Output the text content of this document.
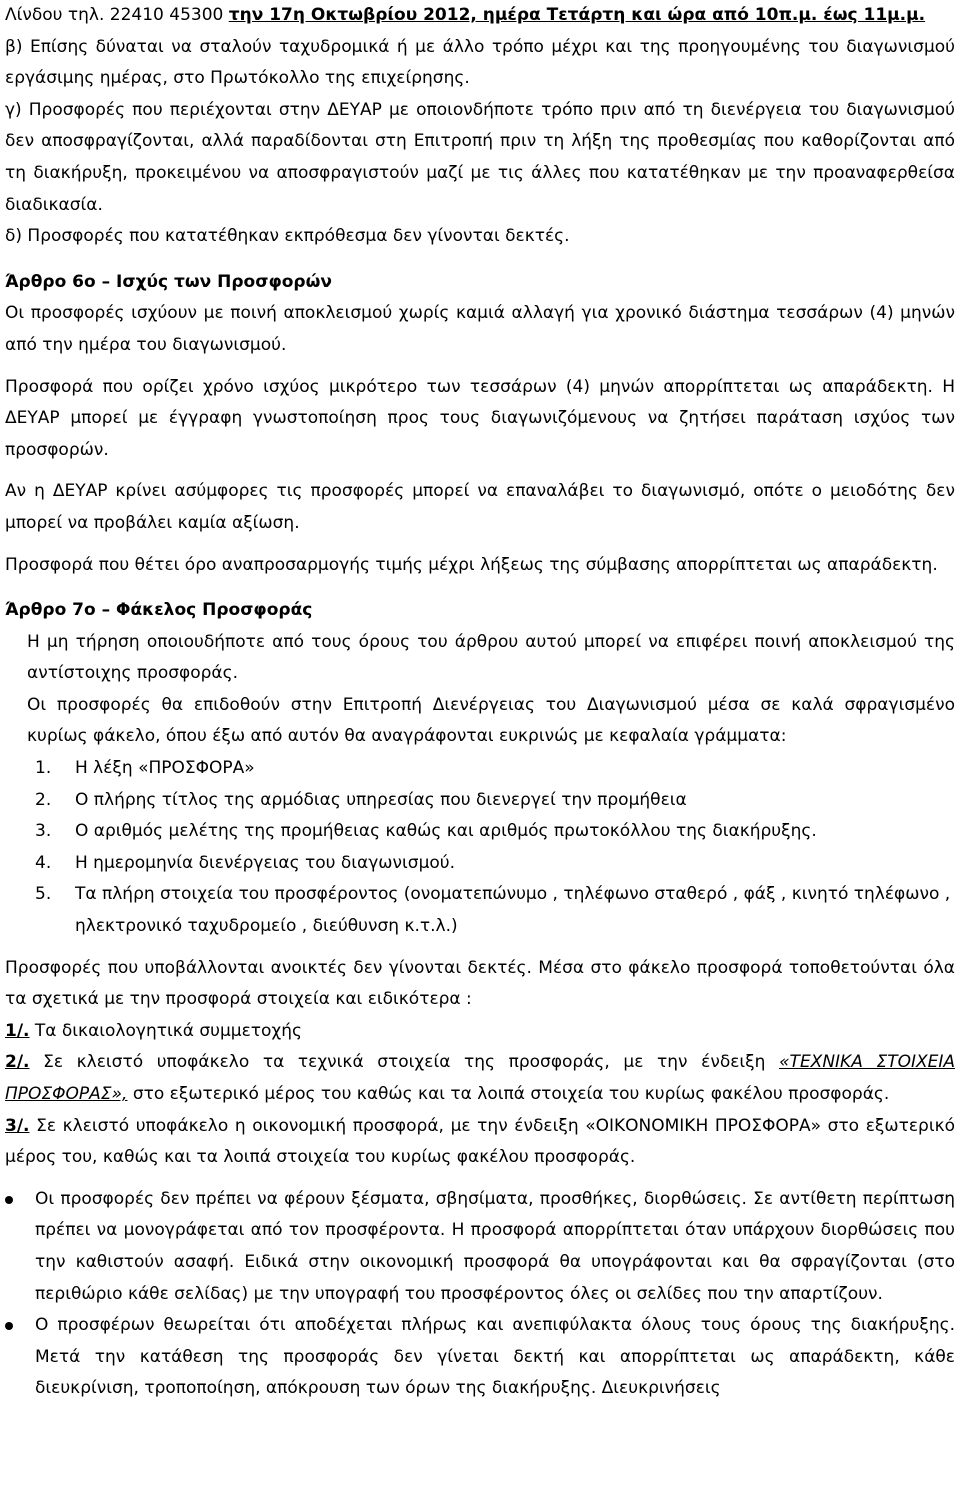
Λίνδου τηλ. 22410 45300 την 17η Οκτωβρίου 2012, ημέρα Τετάρτη και ώρα από 10π.μ. έως 11μ.μ.

β) Επίσης δύναται να σταλούν ταχυδρομικά ή με άλλο τρόπο μέχρι και της προηγουμένης του διαγωνισμού εργάσιμης ημέρας, στο Πρωτόκολλο της επιχείρησης.

γ) Προσφορές που περιέχονται στην ΔΕΥΑΡ με οποιονδήποτε τρόπο πριν από τη διενέργεια του διαγωνισμού δεν αποσφραγίζονται, αλλά παραδίδονται στη Επιτροπή πριν τη λήξη της προθεσμίας που καθορίζονται από τη διακήρυξη, προκειμένου να αποσφραγιστούν μαζί με τις άλλες που κατατέθηκαν με την προαναφερθείσα διαδικασία.

δ) Προσφορές που κατατέθηκαν εκπρόθεσμα δεν γίνονται δεκτές.

Άρθρο 6ο – Ισχύς των Προσφορών

Οι προσφορές ισχύουν με ποινή αποκλεισμού χωρίς καμιά αλλαγή για χρονικό διάστημα τεσσάρων (4) μηνών από την ημέρα του διαγωνισμού.

Προσφορά που ορίζει χρόνο ισχύος μικρότερο των τεσσάρων (4) μηνών απορρίπτεται ως απαράδεκτη. Η ΔΕΥΑΡ μπορεί με έγγραφη γνωστοποίηση προς τους διαγωνιζόμενους να ζητήσει παράταση ισχύος των προσφορών.

Αν η ΔΕΥΑΡ κρίνει ασύμφορες τις προσφορές μπορεί να επαναλάβει το διαγωνισμό, οπότε ο μειοδότης δεν μπορεί να προβάλει καμία αξίωση.

Προσφορά που θέτει όρο αναπροσαρμογής τιμής μέχρι λήξεως της σύμβασης απορρίπτεται ως απαράδεκτη.

Άρθρο 7ο – Φάκελος Προσφοράς

Η μη τήρηση οποιουδήποτε από τους όρους του άρθρου αυτού μπορεί να επιφέρει ποινή αποκλεισμού της αντίστοιχης προσφοράς.

Οι προσφορές θα επιδοθούν στην Επιτροπή Διενέργειας του Διαγωνισμού μέσα σε καλά σφραγισμένο κυρίως φάκελο, όπου έξω από αυτόν θα αναγράφονται ευκρινώς με κεφαλαία γράμματα:

1. Η λέξη «ΠΡΟΣΦΟΡΑ»
2. Ο πλήρης τίτλος της αρμόδιας υπηρεσίας που διενεργεί την προμήθεια
3. Ο αριθμός μελέτης της προμήθειας καθώς και αριθμός πρωτοκόλλου της διακήρυξης.
4. Η ημερομηνία διενέργειας του διαγωνισμού.
5. Τα πλήρη στοιχεία του προσφέροντος (ονοματεπώνυμο , τηλέφωνο σταθερό , φάξ , κινητό τηλέφωνο , ηλεκτρονικό ταχυδρομείο , διεύθυνση κ.τ.λ.)

Προσφορές που υποβάλλονται ανοικτές δεν γίνονται δεκτές. Μέσα στο φάκελο προσφορά τοποθετούνται όλα τα σχετικά με την προσφορά στοιχεία και ειδικότερα :

1/. Τα δικαιολογητικά συμμετοχής

2/. Σε κλειστό υποφάκελο τα τεχνικά στοιχεία της προσφοράς, με την ένδειξη «ΤΕΧΝΙΚΑ ΣΤΟΙΧΕΙΑ ΠΡΟΣΦΟΡΑΣ», στο εξωτερικό μέρος του καθώς και τα λοιπά στοιχεία του κυρίως φακέλου προσφοράς.

3/. Σε κλειστό υποφάκελο η οικονομική προσφορά, με την ένδειξη «ΟΙΚΟΝΟΜΙΚΗ ΠΡΟΣΦΟΡΑ» στο εξωτερικό μέρος του, καθώς και τα λοιπά στοιχεία του κυρίως φακέλου προσφοράς.

Οι προσφορές δεν πρέπει να φέρουν ξέσματα, σβησίματα, προσθήκες, διορθώσεις. Σε αντίθετη περίπτωση πρέπει να μονογράφεται από τον προσφέροντα. Η προσφορά απορρίπτεται όταν υπάρχουν διορθώσεις που την καθιστούν ασαφή. Ειδικά στην οικονομική προσφορά θα υπογράφονται και θα σφραγίζονται (στο περιθώριο κάθε σελίδας) με την υπογραφή του προσφέροντος όλες οι σελίδες που την απαρτίζουν.
Ο προσφέρων θεωρείται ότι αποδέχεται πλήρως και ανεπιφύλακτα όλους τους όρους της διακήρυξης. Μετά την κατάθεση της προσφοράς δεν γίνεται δεκτή και απορρίπτεται ως απαράδεκτη, κάθε διευκρίνιση, τροποποίηση, απόκρουση των όρων της διακήρυξης. Διευκρινήσεις
